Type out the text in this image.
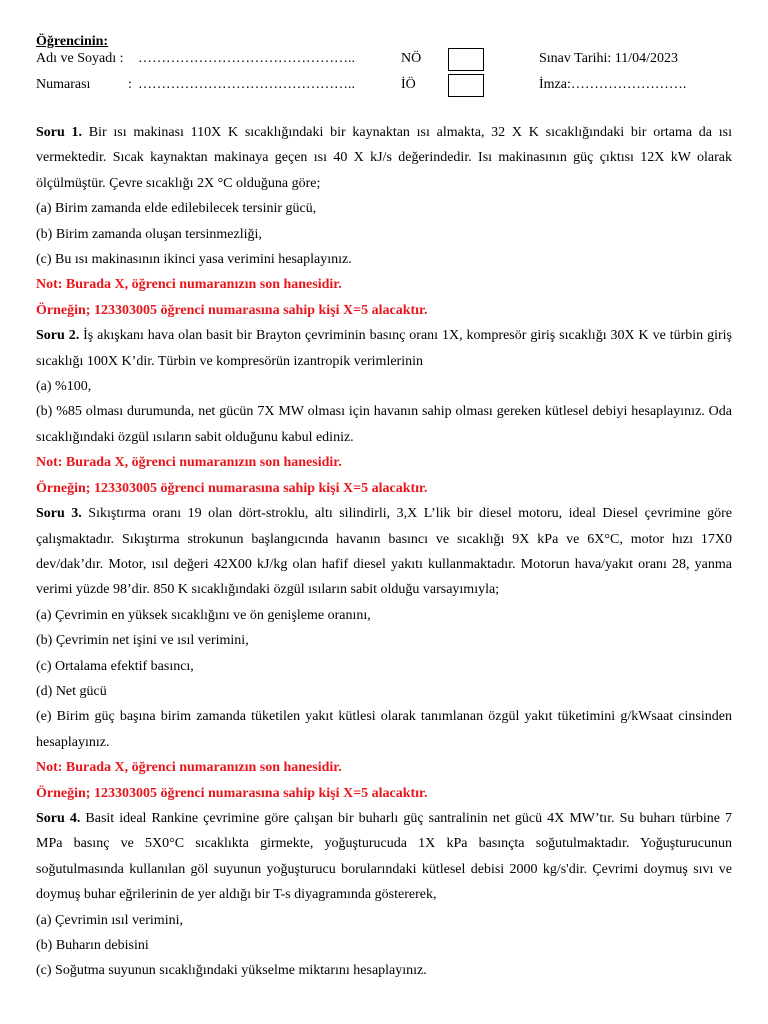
Öğrencinin:
Adı ve Soyadı : ………………………………………..
Numarası	: ………………………………………..
NÖ
İÖ
Sınav Tarihi: 11/04/2023
İmza:…………………….

Soru 1. Bir ısı makinası 110X K sıcaklığındaki bir kaynaktan ısı almakta, 32 X K sıcaklığındaki bir ortama da ısı vermektedir. Sıcak kaynaktan makinaya geçen ısı 40 X kJ/s değerindedir. Isı makinasının güç çıktısı 12X kW olarak ölçülmüştür. Çevre sıcaklığı 2X °C olduğuna göre;

(a) Birim zamanda elde edilebilecek tersinir gücü,

(b) Birim zamanda oluşan tersinmezliği,

(c) Bu ısı makinasının ikinci yasa verimini hesaplayınız.

Not: Burada X, öğrenci numaranızın son hanesidir.

Örneğin; 123303005 öğrenci numarasına sahip kişi X=5 alacaktır.

Soru 2. İş akışkanı hava olan basit bir Brayton çevriminin basınç oranı 1X, kompresör giriş sıcaklığı 30X K ve türbin giriş sıcaklığı 100X K’dir. Türbin ve kompresörün izantropik verimlerinin

(a) %100,

(b) %85 olması durumunda, net gücün 7X MW olması için havanın sahip olması gereken kütlesel debiyi hesaplayınız. Oda sıcaklığındaki özgül ısıların sabit olduğunu kabul ediniz.

Not: Burada X, öğrenci numaranızın son hanesidir.

Örneğin; 123303005 öğrenci numarasına sahip kişi X=5 alacaktır.

Soru 3. Sıkıştırma oranı 19 olan dört-stroklu, altı silindirli, 3,X L’lik bir diesel motoru, ideal Diesel çevrimine göre çalışmaktadır. Sıkıştırma strokunun başlangıcında havanın basıncı ve sıcaklığı 9X kPa ve 6X°C, motor hızı 17X0 dev/dak’dır. Motor, ısıl değeri 42X00 kJ/kg olan hafif diesel yakıtı kullanmaktadır. Motorun hava/yakıt oranı 28, yanma verimi yüzde 98’dir. 850 K sıcaklığındaki özgül ısıların sabit olduğu varsayımıyla;

(a) Çevrimin en yüksek sıcaklığını ve ön genişleme oranını,

(b) Çevrimin net işini ve ısıl verimini,

(c) Ortalama efektif basıncı,

(d) Net gücü

(e) Birim güç başına birim zamanda tüketilen yakıt kütlesi olarak tanımlanan özgül yakıt tüketimini g/kWsaat cinsinden hesaplayınız.

Not: Burada X, öğrenci numaranızın son hanesidir.

Örneğin; 123303005 öğrenci numarasına sahip kişi X=5 alacaktır.

Soru 4. Basit ideal Rankine çevrimine göre çalışan bir buharlı güç santralinin net gücü 4X MW’tır. Su buharı türbine 7 MPa basınç ve 5X0°C sıcaklıkta girmekte, yoğuşturucuda 1X kPa basınçta soğutulmaktadır. Yoğuşturucunun soğutulmasında kullanılan göl suyunun yoğuşturucu borularındaki kütlesel debisi 2000 kg/s'dir. Çevrimi doymuş sıvı ve doymuş buhar eğrilerinin de yer aldığı bir T-s diyagramında göstererek,

(a) Çevrimin ısıl verimini,

(b) Buharın debisini

(c) Soğutma suyunun sıcaklığındaki yükselme miktarını hesaplayınız.
